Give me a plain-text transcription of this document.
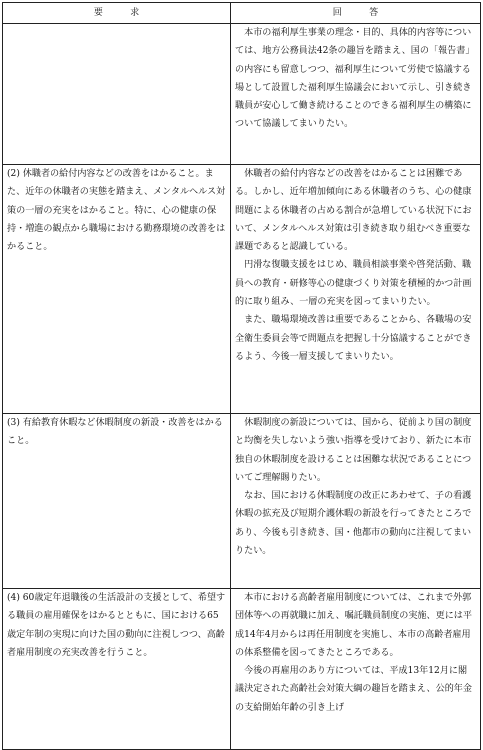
要　　　求	回　　　答

	本市の福利厚生事業の理念・目的、具体的内容等については、地方公務員法42条の趣旨を踏まえ、国の「報告書」の内容にも留意しつつ、福利厚生について労使で協議する場として設置した福利厚生協議会において示し、引き続き職員が安心して働き続けることのできる福利厚生の構築について協議してまいりたい。

(2) 休職者の給付内容などの改善をはかること。また、近年の休職者の実態を踏まえ、メンタルヘルス対策の一層の充実をはかること。特に、心の健康の保持・増進の観点から職場における勤務環境の改善をはかること。	休職者の給付内容などの改善をはかることは困難である。しかし、近年増加傾向にある休職者のうち、心の健康問題による休職者の占める割合が急増している状況下において、メンタルヘルス対策は引き続き取り組むべき重要な課題であると認識している。

円滑な復職支援をはじめ、職員相談事業や啓発活動、職員への教育・研修等心の健康づくり対策を積極的かつ計画的に取り組み、一層の充実を図ってまいりたい。

また、職場環境改善は重要であることから、各職場の安全衛生委員会等で問題点を把握し十分協議することができるよう、今後一層支援してまいりたい。

(3) 有給教育休暇など休暇制度の新設・改善をはかること。	休暇制度の新設については、国から、従前より国の制度と均衡を失しないよう強い指導を受けており、新たに本市独自の休暇制度を設けることは困難な状況であることについてご理解賜りたい。

なお、国における休暇制度の改正にあわせて、子の看護休暇の拡充及び短期介護休暇の新設を行ってきたところであり、今後も引き続き、国・他都市の動向に注視してまいりたい。

(4) 60歳定年退職後の生活設計の支援として、希望する職員の雇用確保をはかるとともに、国における65歳定年制の実現に向けた国の動向に注視しつつ、高齢者雇用制度の充実改善を行うこと。	本市における高齢者雇用制度については、これまで外郭団体等への再就職に加え、嘱託職員制度の実施、更には平成14年4月からは再任用制度を実施し、本市の高齢者雇用の体系整備を図ってきたところである。

今後の再雇用のあり方については、平成13年12月に閣議決定された高齢社会対策大綱の趣旨を踏まえ、公的年金の支給開始年齢の引き上げ
